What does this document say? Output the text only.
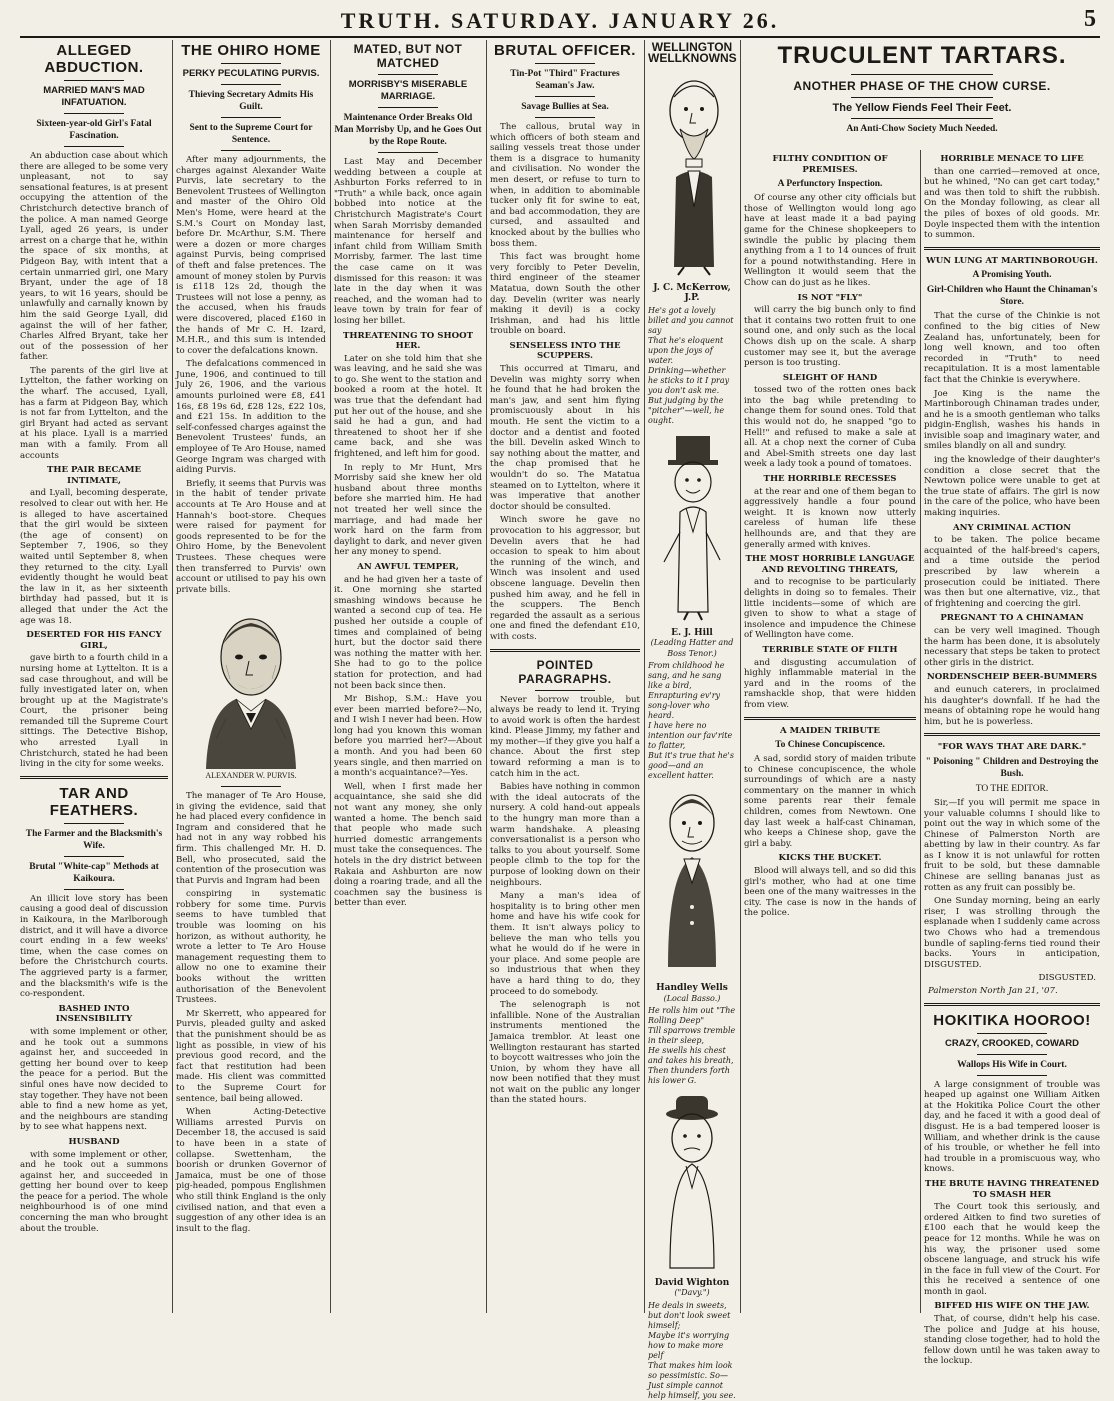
TRUTH. SATURDAY. JANUARY 26.	5
ALLEGED ABDUCTION.
MARRIED MAN'S MAD INFATUATION.
Sixteen-year-old Girl's Fatal Fascination.

An abduction case about which there are alleged to be some very unpleasant, not to say sensational features, is at present occupying the attention of the Christchurch detective branch of the police. A man named George Lyall, aged 26 years, is under arrest on a charge that he, within the space of six months, at Pidgeon Bay, with intent that a certain unmarried girl, one Mary Bryant, under the age of 18 years, to wit 16 years, should be unlawfully and carnally known by him the said George Lyall, did against the will of her father, Charles Alfred Bryant, take her out of the possession of her father.

The parents of the girl live at Lyttelton, the father working on the wharf. The accused, Lyall, has a farm at Pidgeon Bay, which is not far from Lyttelton, and the girl Bryant had acted as servant at his place. Lyall is a married man with a family. From all accounts

THE PAIR BECAME INTIMATE,

and Lyall, becoming desperate, resolved to clear out with her. He is alleged to have ascertained that the girl would be sixteen (the age of consent) on September 7, 1906, so they waited until September 8, when they returned to the city. Lyall evidently thought he would beat the law in it, as her sixteenth birthday had passed, but it is alleged that under the Act the age was 18.

DESERTED FOR HIS FANCY GIRL,

gave birth to a fourth child in a nursing home at Lyttelton. It is a sad case throughout, and will be fully investigated later on, when brought up at the Magistrate's Court, the prisoner being remanded till the Supreme Court sittings. The Detective Bishop, who arrested Lyall in Christchurch, stated he had been living in the city for some weeks.

TAR AND FEATHERS.
The Farmer and the Blacksmith's Wife.
Brutal "White-cap" Methods at Kaikoura.

An illicit love story has been causing a good deal of discussion in Kaikoura, in the Marlborough district, and it will have a divorce court ending in a few weeks' time, when the case comes on before the Christchurch courts. The aggrieved party is a farmer, and the blacksmith's wife is the co-respondent.

BASHED INTO INSENSIBILITY

with some implement or other, and he took out a summons against her, and succeeded in getting her bound over to keep the peace for a period. But the sinful ones have now decided to stay together. They have not been able to find a new home as yet, and the neighbours are standing by to see what happens next.

HUSBAND

with some implement or other, and he took out a summons against her, and succeeded in getting her bound over to keep the peace for a period. The whole neighbourhood is of one mind concerning the man who brought about the trouble.

THE OHIRO HOME
PERKY PECULATING PURVIS.
Thieving Secretary Admits His Guilt.
Sent to the Supreme Court for Sentence.

After many adjournments, the charges against Alexander Waite Purvis, late secretary to the Benevolent Trustees of Wellington and master of the Ohiro Old Men's Home, were heard at the S.M.'s Court on Monday last, before Dr. McArthur, S.M. There were a dozen or more charges against Purvis, being comprised of theft and false pretences. The amount of money stolen by Purvis is £118 12s 2d, though the Trustees will not lose a penny, as the accused, when his frauds were discovered, placed £160 in the hands of Mr C. H. Izard, M.H.R., and this sum is intended to cover the defalcations known.

The defalcations commenced in June, 1906, and continued to till July 26, 1906, and the various amounts purloined were £8, £41 16s, £8 19s 6d, £28 12s, £22 10s, and £21 15s. In addition to the self-confessed charges against the Benevolent Trustees' funds, an employee of Te Aro House, named George Ingram was charged with aiding Purvis.

Briefly, it seems that Purvis was in the habit of tender private accounts at Te Aro House and at Hannah's boot-store. Cheques were raised for payment for goods represented to be for the Ohiro Home, by the Benevolent Trustees. These cheques were then transferred to Purvis' own account or utilised to pay his own private bills.

ALEXANDER W. PURVIS.

The manager of Te Aro House, in giving the evidence, said that he had placed every confidence in Ingram and considered that he had not in any way robbed his firm. This challenged Mr. H. D. Bell, who prosecuted, said the contention of the prosecution was that Purvis and Ingram had been

conspiring in systematic robbery for some time. Purvis seems to have tumbled that trouble was looming on his horizon, as without authority, he wrote a letter to Te Aro House management requesting them to allow no one to examine their books without the written authorisation of the Benevolent Trustees.

Mr Skerrett, who appeared for Purvis, pleaded guilty and asked that the punishment should be as light as possible, in view of his previous good record, and the fact that restitution had been made. His client was committed to the Supreme Court for sentence, bail being allowed.

When Acting-Detective Williams arrested Purvis on December 18, the accused is said to have been in a state of collapse. Swettenham, the boorish or drunken Governor of Jamaica, must be one of those pig-headed, pompous Englishmen who still think England is the only civilised nation, and that even a suggestion of any other idea is an insult to the flag.

MATED, BUT NOT MATCHED
MORRISBY'S MISERABLE MARRIAGE.
Maintenance Order Breaks Old Man Morrisby Up, and he Goes Out by the Rope Route.

Last May and December wedding between a couple at Ashburton Forks referred to in "Truth" a while back, once again bobbed into notice at the Christchurch Magistrate's Court when Sarah Morrisby demanded maintenance for herself and infant child from William Smith Morrisby, farmer. The last time the case came on it was dismissed for this reason: it was late in the day when it was reached, and the woman had to leave town by train for fear of losing her billet.

THREATENING TO SHOOT HER.

Later on she told him that she was leaving, and he said she was to go. She went to the station and booked a room at the hotel. It was true that the defendant had put her out of the house, and she said he had a gun, and had threatened to shoot her if she came back, and she was frightened, and left him for good.

In reply to Mr Hunt, Mrs Morrisby said she knew her old husband about three months before she married him. He had not treated her well since the marriage, and had made her work hard on the farm from daylight to dark, and never given her any money to spend.

AN AWFUL TEMPER,

and he had given her a taste of it. One morning she started smashing windows because he wanted a second cup of tea. He pushed her outside a couple of times and complained of being hurt, but the doctor said there was nothing the matter with her. She had to go to the police station for protection, and had not been back since then.

Mr Bishop, S.M.: Have you ever been married before?—No, and I wish I never had been. How long had you known this woman before you married her?—About a month. And you had been 60 years single, and then married on a month's acquaintance?—Yes.

Well, when I first made her acquaintance, she said she did not want any money, she only wanted a home. The bench said that people who made such hurried domestic arrangements must take the consequences. The hotels in the dry district between Rakaia and Ashburton are now doing a roaring trade, and all the coachmen say the business is better than ever.

BRUTAL OFFICER.
Tin-Pot "Third" Fractures Seaman's Jaw.
Savage Bullies at Sea.

The callous, brutal way in which officers of both steam and sailing vessels treat those under them is a disgrace to humanity and civilisation. No wonder the men desert, or refuse to turn to when, in addition to abominable tucker only fit for swine to eat, and bad accommodation, they are cursed, and assaulted and knocked about by the bullies who boss them.

This fact was brought home very forcibly to Peter Develin, third engineer of the steamer Matatua, down South the other day. Develin (writer was nearly making it devil) is a cocky Irishman, and had his little trouble on board.

SENSELESS INTO THE SCUPPERS.

This occurred at Timaru, and Develin was mighty sorry when he found that he had broken the man's jaw, and sent him flying promiscuously about in his mouth. He sent the victim to a doctor and a dentist and footed the bill. Develin asked Winch to say nothing about the matter, and the chap promised that he wouldn't do so. The Matatua steamed on to Lyttelton, where it was imperative that another doctor should be consulted.

Winch swore he gave no provocation to his aggressor, but Develin avers that he had occasion to speak to him about the running of the winch, and Winch was insolent and used obscene language. Develin then pushed him away, and he fell in the scuppers. The Bench regarded the assault as a serious one and fined the defendant £10, with costs.

POINTED PARAGRAPHS.

Never borrow trouble, but always be ready to lend it. Trying to avoid work is often the hardest kind. Please Jimmy, my father and my mother—if they give you half a chance. About the first step toward reforming a man is to catch him in the act.

Babies have nothing in common with the ideal autocrats of the nursery. A cold hand-out appeals to the hungry man more than a warm handshake. A pleasing conversationalist is a person who talks to you about yourself. Some people climb to the top for the purpose of looking down on their neighbours.

Many a man's idea of hospitality is to bring other men home and have his wife cook for them. It isn't always policy to believe the man who tells you what he would do if he were in your place. And some people are so industrious that when they have a hard thing to do, they proceed to do somebody.

The selenograph is not infallible. None of the Australian instruments mentioned the Jamaica tremblor. At least one Wellington restaurant has started to boycott waitresses who join the Union, by whom they have all now been notified that they must not wait on the public any longer than the stated hours.

WELLINGTON WELLKNOWNS
J. C. McKerrow, J.P.
He's got a lovely billet and you cannot say
That he's eloquent upon the joys of water.
Drinking—whether he sticks to it I pray you don't ask me.
But judging by the "pitcher"—well, he ought.
E. J. Hill
(Leading Hatter and Boss Tenor.)
From childhood he sang, and he sang like a bird,
Enrapturing ev'ry song-lover who heard.
I have here no intention our fav'rite to flatter,
But it's true that he's good—and an excellent hatter.
Handley Wells
(Local Basso.)
He rolls him out "The Rolling Deep"
Till sparrows tremble in their sleep,
He swells his chest and takes his breath,
Then thunders forth his lower G.
David Wighton
("Davy.")
He deals in sweets, but don't look sweet himself;
Maybe it's worrying how to make more pelf
That makes him look so pessimistic. So—
Just simple cannot help himself, you see.
TRUCULENT TARTARS.
ANOTHER PHASE OF THE CHOW CURSE.
The Yellow Fiends Feel Their Feet.
An Anti-Chow Society Much Needed.
FILTHY CONDITION OF PREMISES.
A Perfunctory Inspection.

Of course any other city officials but those of Wellington would long ago have at least made it a bad paying game for the Chinese shopkeepers to swindle the public by placing them anything from a 1 to 14 ounces of fruit for a pound notwithstanding. Here in Wellington it would seem that the Chow can do just as he likes.

IS NOT "FLY"

will carry the big bunch only to find that it contains two rotten fruit to one sound one, and only such as the local Chows dish up on the scale. A sharp customer may see it, but the average person is too trusting.

SLEIGHT OF HAND

tossed two of the rotten ones back into the bag while pretending to change them for sound ones. Told that this would not do, he snapped "go to Hell!" and refused to make a sale at all. At a chop next the corner of Cuba and Abel-Smith streets one day last week a lady took a pound of tomatoes.

THE HORRIBLE RECESSES

at the rear and one of them began to aggressively handle a four pound weight. It is known now utterly careless of human life these hellhounds are, and that they are generally armed with knives.

THE MOST HORRIBLE LANGUAGE AND REVOLTING THREATS,

and to recognise to be particularly delights in doing so to females. Their little incidents—some of which are given to show to what a stage of insolence and impudence the Chinese of Wellington have come.

TERRIBLE STATE OF FILTH

and disgusting accumulation of highly inflammable material in the yard and in the rooms of the ramshackle shop, that were hidden from view.

A MAIDEN TRIBUTE
To Chinese Concupiscence.

A sad, sordid story of maiden tribute to Chinese concupiscence, the whole surroundings of which are a nasty commentary on the manner in which some parents rear their female children, comes from Newtown. One day last week a half-cast Chinaman, who keeps a Chinese shop, gave the girl a baby.

KICKS THE BUCKET.

Blood will always tell, and so did this girl's mother, who had at one time been one of the many waitresses in the city. The case is now in the hands of the police.

HORRIBLE MENACE TO LIFE

than one carried—removed at once, but he whined, "No can get cart today," and was then told to shift the rubbish. On the Monday following, as clear all the piles of boxes of old goods. Mr. Doyle inspected them with the intention to summon.

WUN LUNG AT MARTINBOROUGH.
A Promising Youth.
Girl-Children who Haunt the Chinaman's Store.

That the curse of the Chinkie is not confined to the big cities of New Zealand has, unfortunately, been for long well known, and too often recorded in "Truth" to need recapitulation. It is a most lamentable fact that the Chinkie is everywhere.

Joe King is the name the Martinborough Chinaman trades under, and he is a smooth gentleman who talks pidgin-English, washes his hands in invisible soap and imaginary water, and smiles blandly on all and sundry.

ing the knowledge of their daughter's condition a close secret that the Newtown police were unable to get at the true state of affairs. The girl is now in the care of the police, who have been making inquiries.

ANY CRIMINAL ACTION

to be taken. The police became acquainted of the half-breed's capers, and a time outside the period prescribed by law wherein a prosecution could be initiated. There was then but one alternative, viz., that of frightening and coercing the girl.

PREGNANT TO A CHINAMAN

can be very well imagined. Though the harm has been done, it is absolutely necessary that steps be taken to protect other girls in the district.

NORDENSCHEIP BEER-BUMMERS

and eunuch caterers, in proclaimed his daughter's downfall. If he had the means of obtaining rope he would hang him, but he is powerless.

"FOR WAYS THAT ARE DARK."
" Poisoning " Children and Destroying the Bush.
TO THE EDITOR.

Sir,—If you will permit me space in your valuable columns I should like to point out the way in which some of the Chinese of Palmerston North are abetting by law in their country. As far as I know it is not unlawful for rotten fruit to be sold, but these damnable Chinese are selling bananas just as rotten as any fruit can possibly be.

One Sunday morning, being an early riser, I was strolling through the esplanade when I suddenly came across two Chows who had a tremendous bundle of sapling-ferns tied round their backs. Yours in anticipation, DISGUSTED.

DISGUSTED.
Palmerston North Jan 21, '07.
HOKITIKA HOOROO!
CRAZY, CROOKED, COWARD
Wallops His Wife in Court.

A large consignment of trouble was heaped up against one William Aitken at the Hokitika Police Court the other day, and he faced it with a good deal of disgust. He is a bad tempered looser is William, and whether drink is the cause of his trouble, or whether he fell into had trouble in a promiscuous way, who knows.

THE BRUTE HAVING THREATENED TO SMASH HER

The Court took this seriously, and ordered Aitken to find two sureties of £100 each that he would keep the peace for 12 months. While he was on his way, the prisoner used some obscene language, and struck his wife in the face in full view of the Court. For this he received a sentence of one month in gaol.

BIFFED HIS WIFE ON THE JAW.

That, of course, didn't help his case. The police and Judge at his house, standing close together, had to hold the fellow down until he was taken away to the lockup.
